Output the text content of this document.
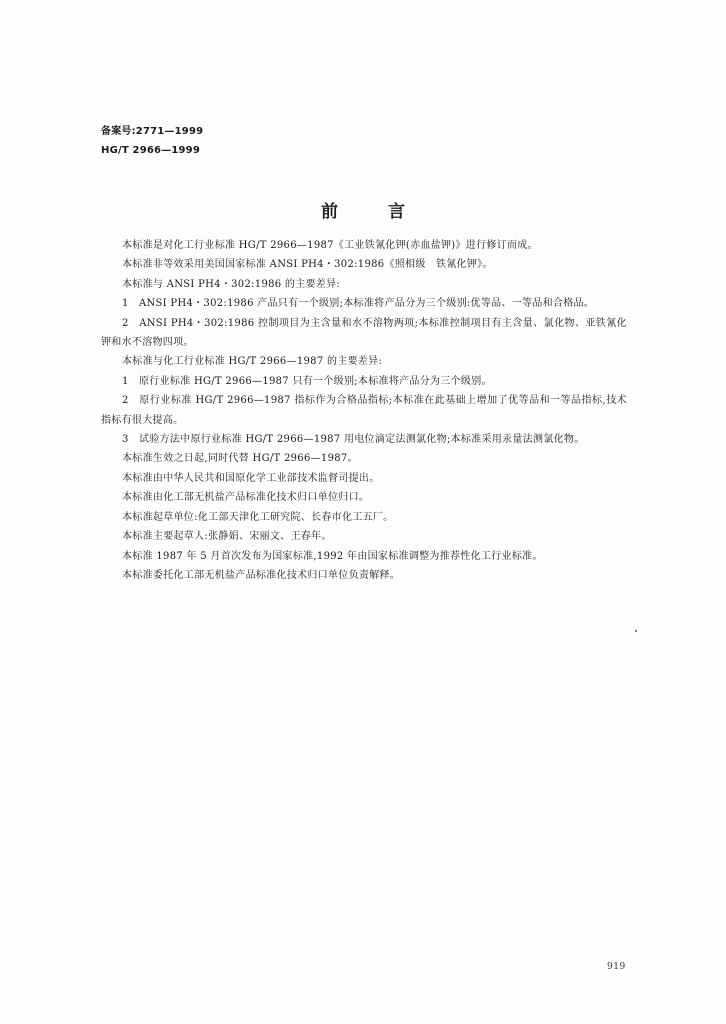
备案号:2771—1999
HG/T 2966—1999
前言

本标准是对化工行业标准 HG/T 2966—1987《工业铁氰化钾(赤血盐钾)》进行修订而成。

本标准非等效采用美国国家标准 ANSI PH4・302:1986《照相级　铁氰化钾》。

本标准与 ANSI PH4・302:1986 的主要差异:

1　ANSI PH4・302:1986 产品只有一个级别;本标准将产品分为三个级别:优等品、一等品和合格品。

2　ANSI PH4・302:1986 控制项目为主含量和水不溶物两项;本标准控制项目有主含量、氯化物、亚铁氰化钾和水不溶物四项。

本标准与化工行业标准 HG/T 2966—1987 的主要差异:

1　原行业标准 HG/T 2966—1987 只有一个级别;本标准将产品分为三个级别。

2　原行业标准 HG/T 2966—1987 指标作为合格品指标;本标准在此基础上增加了优等品和一等品指标,技术指标有很大提高。

3　试验方法中原行业标准 HG/T 2966—1987 用电位滴定法测氯化物;本标准采用汞量法测氯化物。

本标准生效之日起,同时代替 HG/T 2966—1987。

本标准由中华人民共和国原化学工业部技术监督司提出。

本标准由化工部无机盐产品标准化技术归口单位归口。

本标准起草单位:化工部天津化工研究院、长春市化工五厂。

本标准主要起草人:张静娟、宋丽文、王春年。

本标准 1987 年 5 月首次发布为国家标准,1992 年由国家标准调整为推荐性化工行业标准。

本标准委托化工部无机盐产品标准化技术归口单位负责解释。

919
